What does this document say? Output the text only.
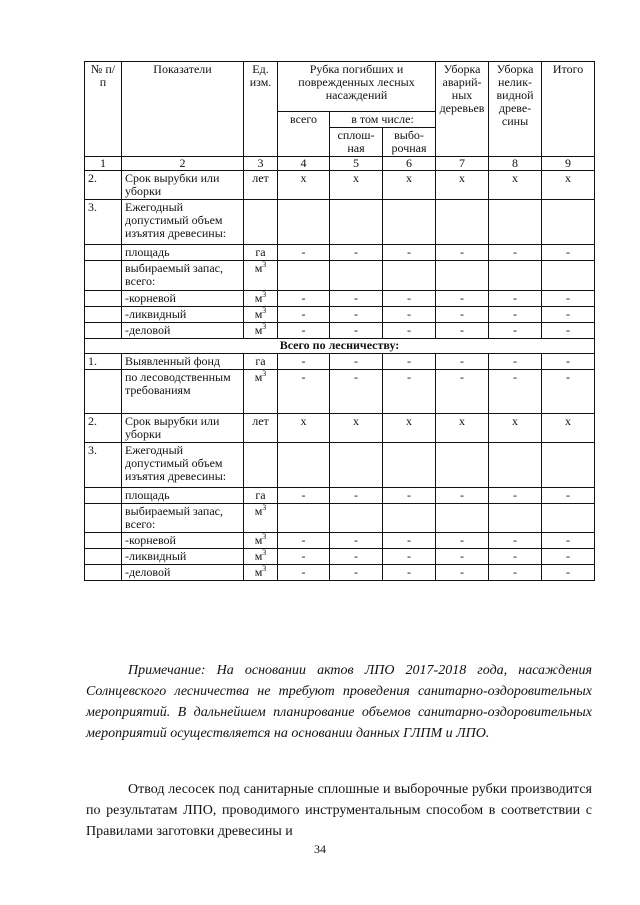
№ п/п	Показатели	Ед. изм.	Рубка погибших и поврежденных лесных насаждений			Уборка аварий-ных деревьев	Уборка нелик-видной древе-сины	Итого
			всего	в том числе:				
				сплош-ная	выбо-рочная			
1	2	3	4	5	6	7	8	9
2.	Срок вырубки или уборки	лет	х	х	х	х	х	х
3.	Ежегодный допустимый объем изъятия древесины:							
	площадь	га	-	-	-	-	-	-
	выбираемый запас, всего:	$м^3$						
	-корневой	$м^3$	-	-	-	-	-	-
	-ликвидный	$м^3$	-	-	-	-	-	-
	-деловой	$м^3$	-	-	-	-	-	-
Всего по лесничеству:								
1.	Выявленный фонд	га	-	-	-	-	-	-
	по лесоводственным требованиям	$м^3$	-	-	-	-	-	-
2.	Срок вырубки или уборки	лет	х	х	х	х	х	х
3.	Ежегодный допустимый объем изъятия древесины:							
	площадь	га	-	-	-	-	-	-
	выбираемый запас, всего:	$м^3$						
	-корневой	$м^3$	-	-	-	-	-	-
	-ликвидный	$м^3$	-	-	-	-	-	-
	-деловой	$м^3$	-	-	-	-	-	-

Примечание: На основании актов ЛПО 2017-2018 года, насаждения Солнцевского лесничества не требуют проведения санитарно-оздоровительных мероприятий. В дальнейшем планирование объемов санитарно-оздоровительных мероприятий осуществляется на основании данных ГЛПМ и ЛПО.

Отвод лесосек под санитарные сплошные и выборочные рубки производится по результатам ЛПО, проводимого инструментальным способом в соответствии с Правилами заготовки древесины и

34
